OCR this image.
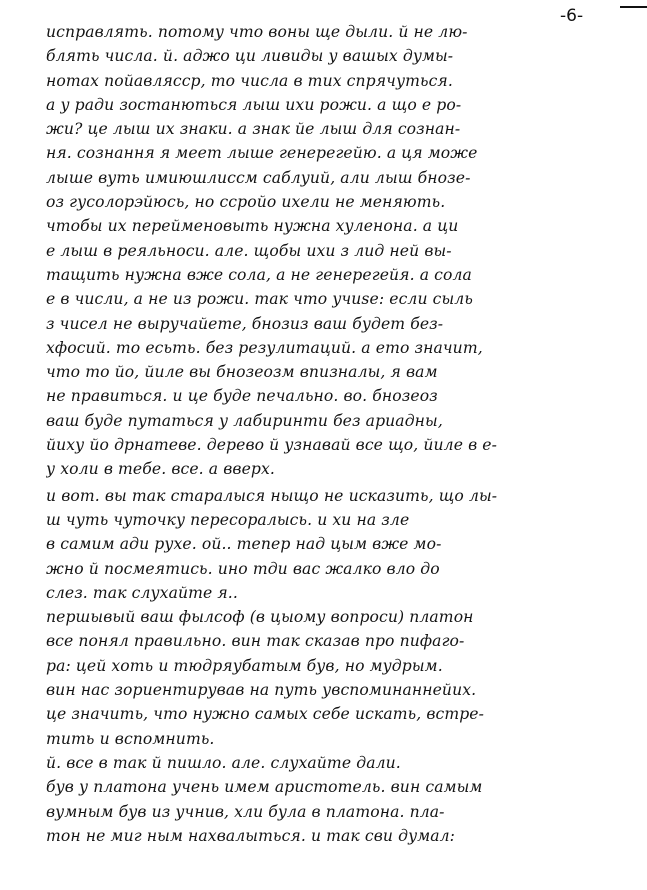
-6-
исправлять. потому что воны ще дыли. й не лю-
блять числа. й. аджо ци ливиды у вашых думы-
нотах пойавлясср, то числа в тих спрячуться.
а у ради зостанються лыш ихи рожи. а що е ро-
жи? це лыш их знаки. а знак йе лыш для сознан-
ня. сознання я меет лыше генерегейю. а ця може
лыше вуть имиюшлиссм саблуий, али лыш бнозе-
оз гусолорэйюсь, но ссройо ихели не меняють.
чтобы их перейменовыть нужна хуленона. а ци
е лыш в реяльноси. але. щобы ихи з лид ней вы-
тащить нужна вже сола, а не генерегейя. а сола
е в числи, а не из рожи. так что учиse: если сыль
з чисел не выручайете, бнозиз ваш будет без-
хфосий. то есьть. без резулитаций. а ето значит,
что то йо, йиле вы бнозеозм впизналы, я вам
не правиться. и це буде печально. во. бнозеоз
ваш буде путаться у лабиринти без ариадны,
йиху йо дрнатеве. дерево й узнавай все що, йиле в е-
у холи в тебе. все. а вверх.
и вот. вы так старалыся ныщо не исказить, що лы-
ш чуть чуточку пересоралысь. и хи на зле
в самим ади рухе. ой.. тепер над цым вже мо-
жно й посмеятись. ино тди вас жалко вло до
слез. так слухайте я..
першывый ваш фылсоф (в цыому вопроси) платон
все понял правильно. вин так сказав про пифаго-
ра: цей хоть и тюдряубатым був, но мудрым.
вин нас зориентирував на путь увспоминаннейих.
це значить, что нужно самых себе искать, встре-
тить и вспомнить.
й. все в так й пишло. але. слухайте дали.
був у платона учень имем аристотель. вин самым
вумным був из учнив, хли була в платона. пла-
тон не миг ным нахвалыться. и так сви думал:
